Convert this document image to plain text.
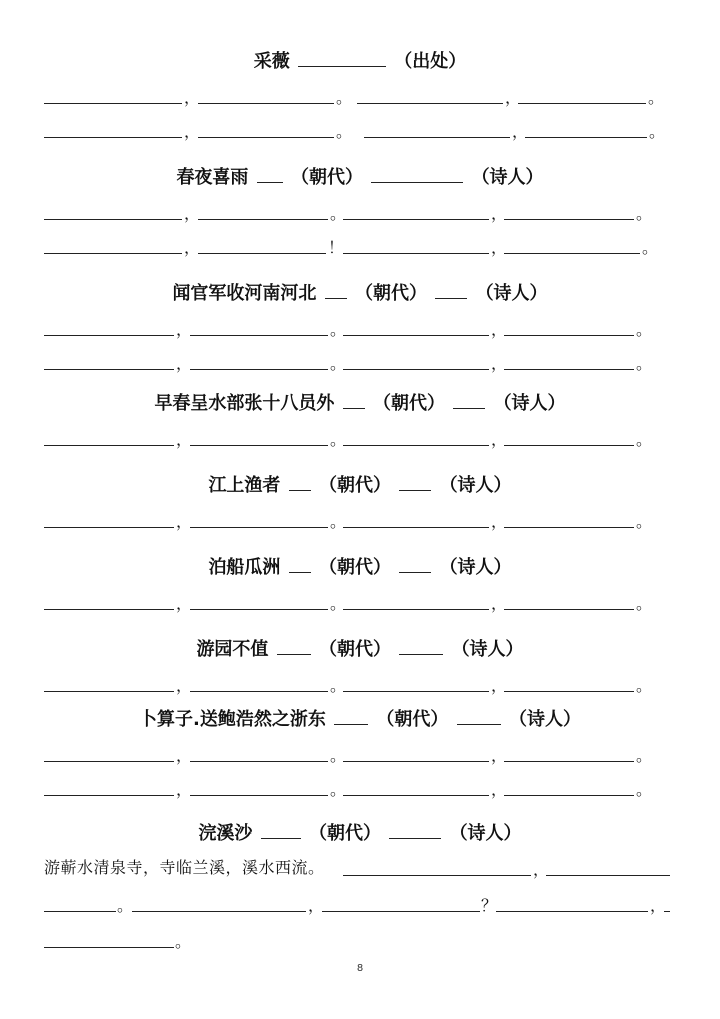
采薇	（出处）
，	。	，	。
，	。	，	。
春夜喜雨 （朝代）	（诗人）
，	。	，	。
，	！	，	。
闻官军收河南河北 （朝代）	（诗人）
，	。	，	。
，	。	，	。
早春呈水部张十八员外 （朝代）	（诗人）
，	。	，	。
江上渔者 （朝代）	（诗人）
，	。	，	。
泊船瓜洲 （朝代）	（诗人）
，	。	，	。
游园不值	（朝代）	（诗人）
，	。	，	。
卜算子.送鲍浩然之浙东	（朝代）	（诗人）
，	。	，	。
，	。	，	。
浣溪沙	（朝代）	（诗人）
游蕲水清泉寺，寺临兰溪，溪水西流。	，
。	，	？	，
。
8
